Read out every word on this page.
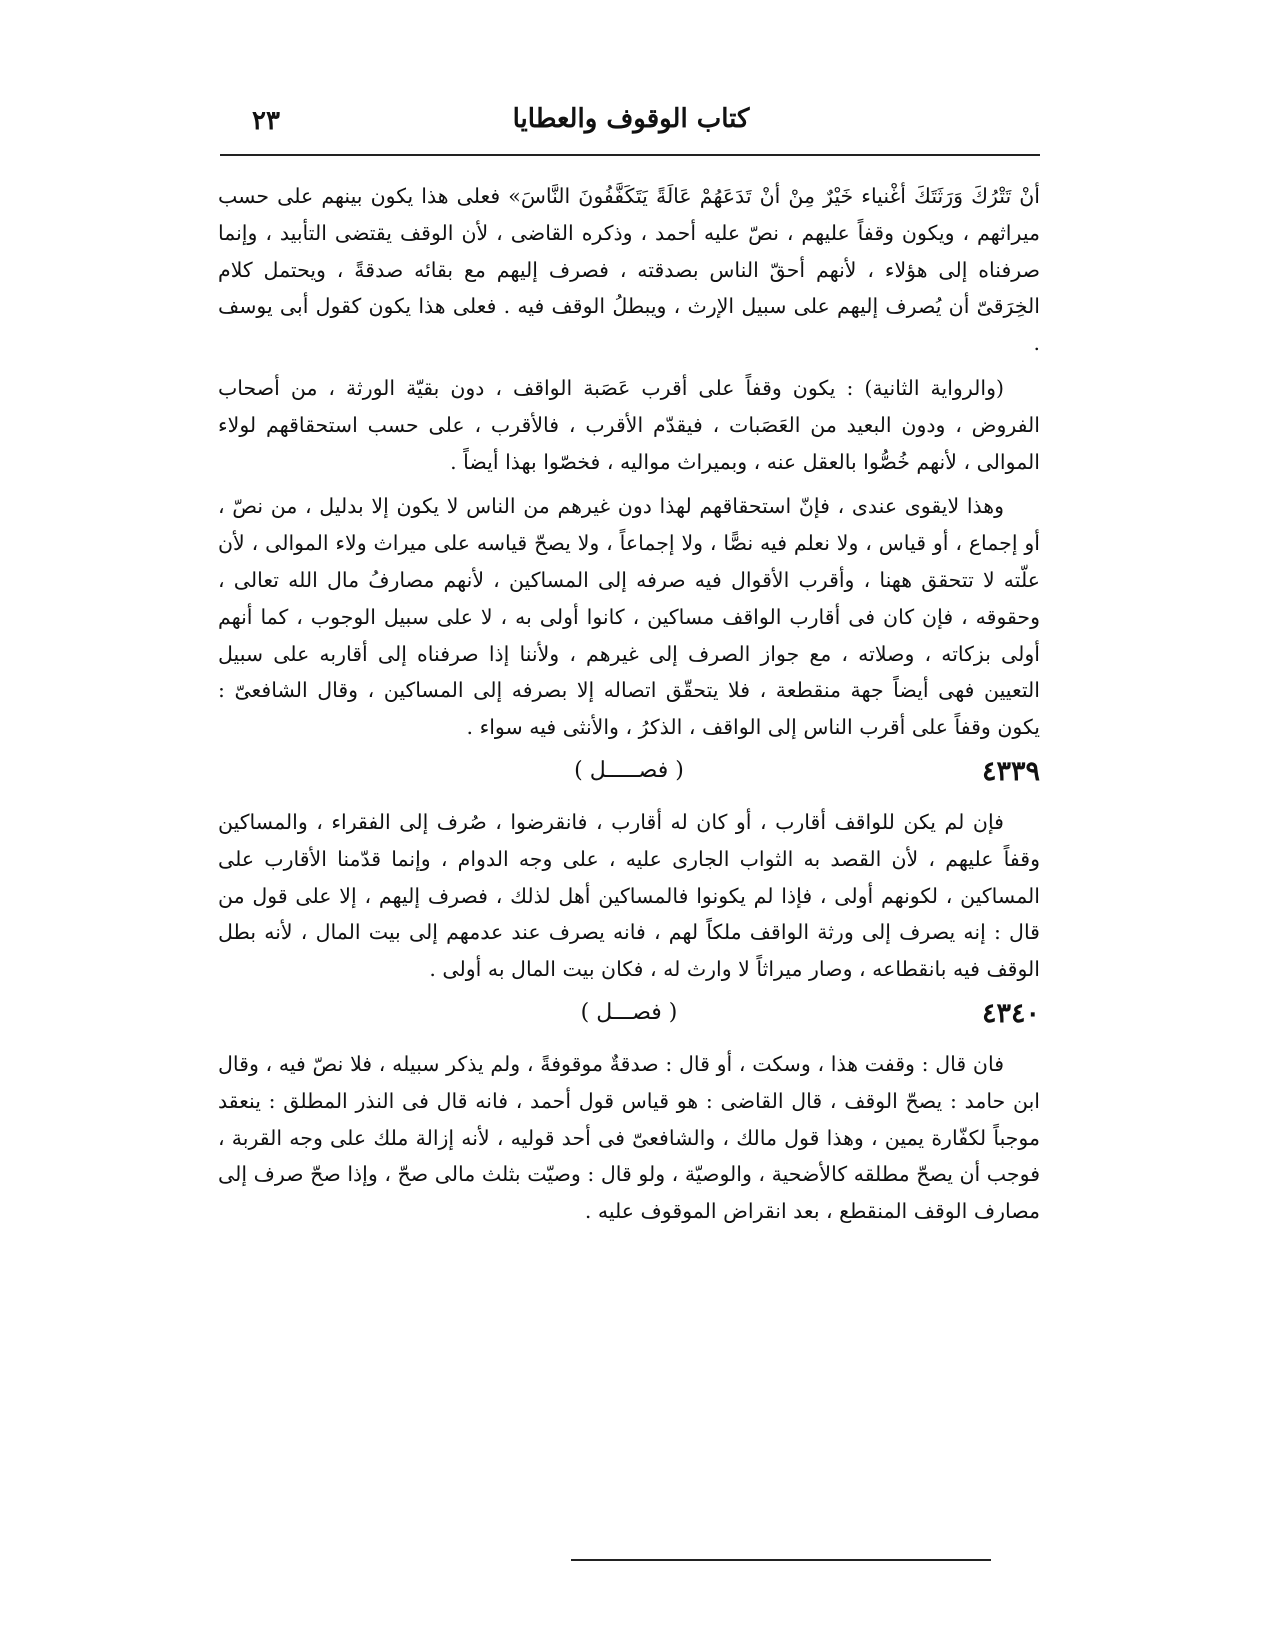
٢٣	كتاب الوقوف والعطايا

أنْ تَتْرُكَ وَرَثَتَكَ أغْنياء خَيْرٌ مِنْ أنْ تَدَعَهُمْ عَالَةً يَتَكَفَّفُونَ النَّاسَ» فعلى هذا يكون بينهم على حسب ميراثهم ، ويكون وقفاً عليهم ، نصّ عليه أحمد ، وذكره القاضى ، لأن الوقف يقتضى التأبيد ، وإنما صرفناه إلى هؤلاء ، لأنهم أحقّ الناس بصدقته ، فصرف إليهم مع بقائه صدقةً ، ويحتمل كلام الخِرَقىّ أن يُصرف إليهم على سبيل الإرث ، ويبطلُ الوقف فيه . فعلى هذا يكون كقول أبى يوسف .

(والرواية الثانية) : يكون وقفاً على أقرب عَصَبة الواقف ، دون بقيّة الورثة ، من أصحاب الفروض ، ودون البعيد من العَصَبات ، فيقدّم الأقرب ، فالأقرب ، على حسب استحقاقهم لولاء الموالى ، لأنهم خُصُّوا بالعقل عنه ، وبميراث مواليه ، فخصّوا بهذا أيضاً .

وهذا لايقوى عندى ، فإنّ استحقاقهم لهذا دون غيرهم من الناس لا يكون إلا بدليل ، من نصّ ، أو إجماع ، أو قياس ، ولا نعلم فيه نصًّا ، ولا إجماعاً ، ولا يصحّ قياسه على ميراث ولاء الموالى ، لأن علّته لا تتحقق ههنا ، وأقرب الأقوال فيه صرفه إلى المساكين ، لأنهم مصارفُ مال الله تعالى ، وحقوقه ، فإن كان فى أقارب الواقف مساكين ، كانوا أولى به ، لا على سبيل الوجوب ، كما أنهم أولى بزكاته ، وصلاته ، مع جواز الصرف إلى غيرهم ، ولأننا إذا صرفناه إلى أقاربه على سبيل التعيين فهى أيضاً جهة منقطعة ، فلا يتحقّق اتصاله إلا بصرفه إلى المساكين ، وقال الشافعىّ : يكون وقفاً على أقرب الناس إلى الواقف ، الذكرُ ، والأنثى فيه سواء .

٤٣٣٩
( فصـــــل )

فإن لم يكن للواقف أقارب ، أو كان له أقارب ، فانقرضوا ، صُرف إلى الفقراء ، والمساكين وقفاً عليهم ، لأن القصد به الثواب الجارى عليه ، على وجه الدوام ، وإنما قدّمنا الأقارب على المساكين ، لكونهم أولى ، فإذا لم يكونوا فالمساكين أهل لذلك ، فصرف إليهم ، إلا على قول من قال : إنه يصرف إلى ورثة الواقف ملكاً لهم ، فانه يصرف عند عدمهم إلى بيت المال ، لأنه بطل الوقف فيه بانقطاعه ، وصار ميراثاً لا وارث له ، فكان بيت المال به أولى .

٤٣٤٠
( فصـــل )

فان قال : وقفت هذا ، وسكت ، أو قال : صدقةٌ موقوفةً ، ولم يذكر سبيله ، فلا نصّ فيه ، وقال ابن حامد : يصحّ الوقف ، قال القاضى : هو قياس قول أحمد ، فانه قال فى النذر المطلق : ينعقد موجباً لكفّارة يمين ، وهذا قول مالك ، والشافعىّ فى أحد قوليه ، لأنه إزالة ملك على وجه القربة ، فوجب أن يصحّ مطلقه كالأضحية ، والوصيّة ، ولو قال : وصيّت بثلث مالى صحّ ، وإذا صحّ صرف إلى مصارف الوقف المنقطع ، بعد انقراض الموقوف عليه .
